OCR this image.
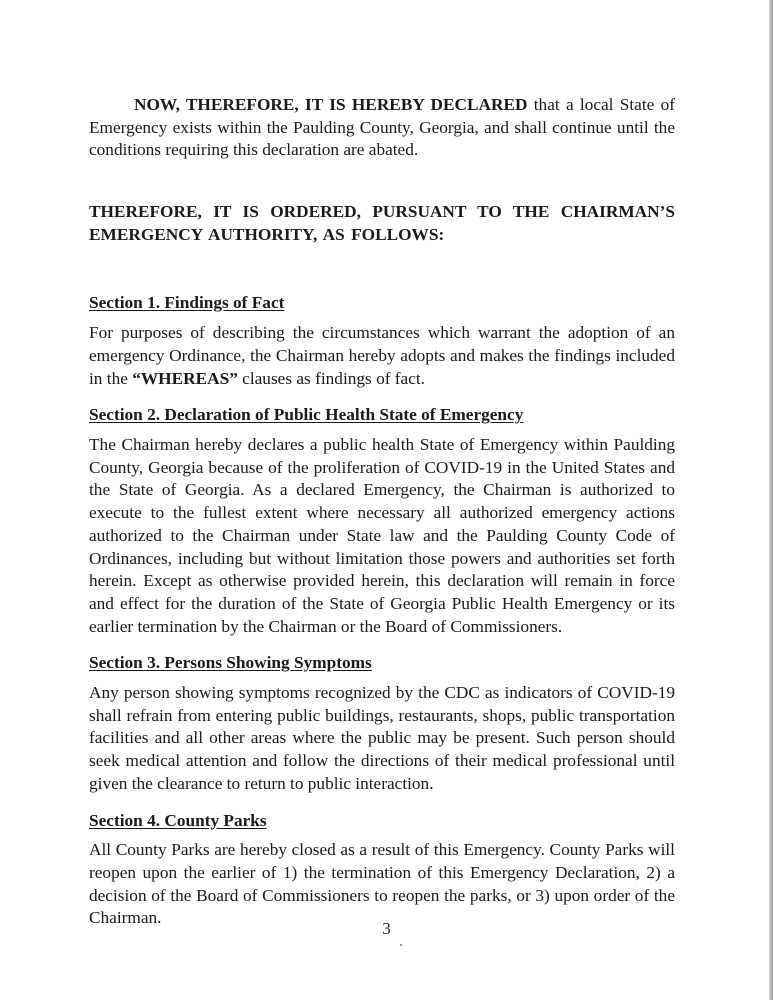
NOW, THEREFORE, IT IS HEREBY DECLARED that a local State of Emergency exists within the Paulding County, Georgia, and shall continue until the conditions requiring this declaration are abated.

THEREFORE, IT IS ORDERED, PURSUANT TO THE CHAIRMAN’S EMERGENCY AUTHORITY, AS FOLLOWS:

Section 1. Findings of Fact

For purposes of describing the circumstances which warrant the adoption of an emergency Ordinance, the Chairman hereby adopts and makes the findings included in the “WHEREAS” clauses as findings of fact.

Section 2. Declaration of Public Health State of Emergency

The Chairman hereby declares a public health State of Emergency within Paulding County, Georgia because of the proliferation of COVID-19 in the United States and the State of Georgia. As a declared Emergency, the Chairman is authorized to execute to the fullest extent where necessary all authorized emergency actions authorized to the Chairman under State law and the Paulding County Code of Ordinances, including but without limitation those powers and authorities set forth herein. Except as otherwise provided herein, this declaration will remain in force and effect for the duration of the State of Georgia Public Health Emergency or its earlier termination by the Chairman or the Board of Commissioners.

Section 3. Persons Showing Symptoms

Any person showing symptoms recognized by the CDC as indicators of COVID-19 shall refrain from entering public buildings, restaurants, shops, public transportation facilities and all other areas where the public may be present. Such person should seek medical attention and follow the directions of their medical professional until given the clearance to return to public interaction.

Section 4. County Parks

All County Parks are hereby closed as a result of this Emergency. County Parks will reopen upon the earlier of 1) the termination of this Emergency Declaration, 2) a decision of the Board of Commissioners to reopen the parks, or 3) upon order of the Chairman.

3
